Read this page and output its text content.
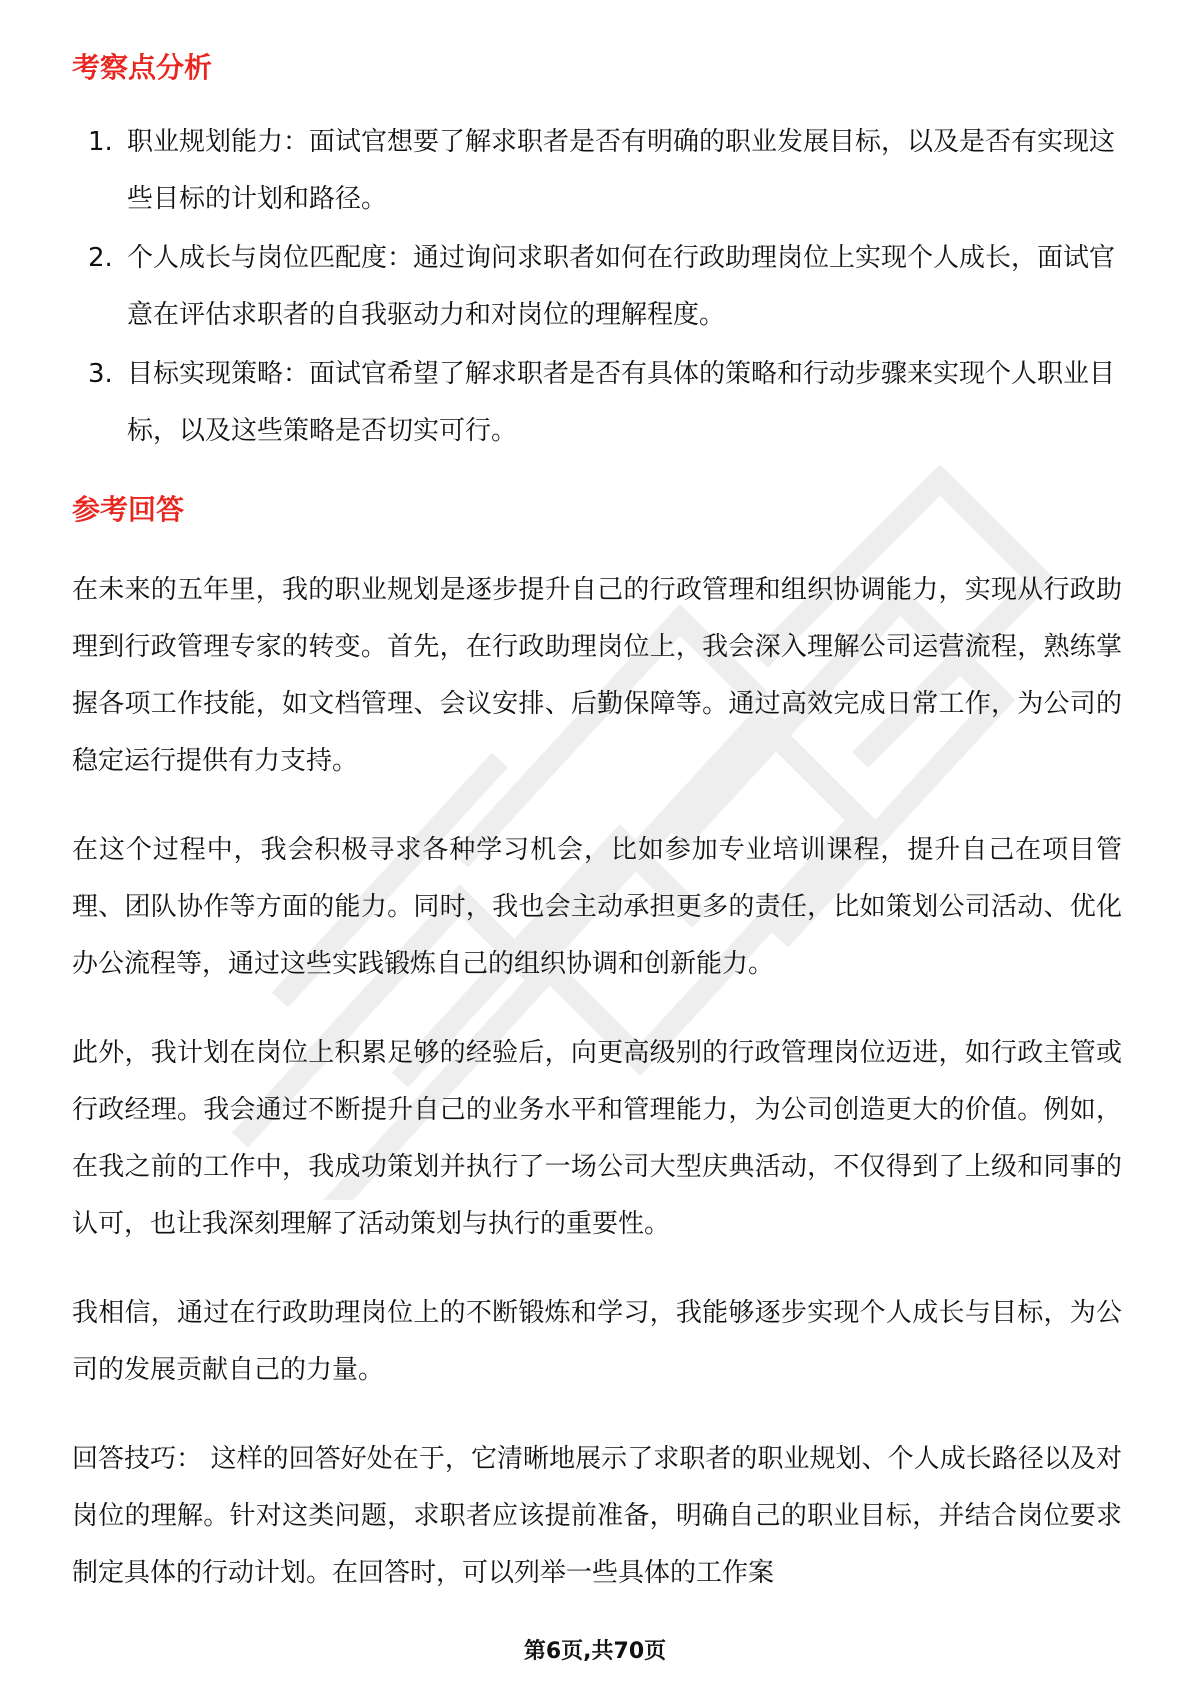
考察点分析
1. 职业规划能力：面试官想要了解求职者是否有明确的职业发展目标，以及是否有实现这些目标的计划和路径。
2. 个人成长与岗位匹配度：通过询问求职者如何在行政助理岗位上实现个人成长，面试官意在评估求职者的自我驱动力和对岗位的理解程度。
3. 目标实现策略：面试官希望了解求职者是否有具体的策略和行动步骤来实现个人职业目标，以及这些策略是否切实可行。
参考回答

在未来的五年里，我的职业规划是逐步提升自己的行政管理和组织协调能力，实现从行政助理到行政管理专家的转变。首先，在行政助理岗位上，我会深入理解公司运营流程，熟练掌握各项工作技能，如文档管理、会议安排、后勤保障等。通过高效完成日常工作，为公司的稳定运行提供有力支持。

在这个过程中，我会积极寻求各种学习机会，比如参加专业培训课程，提升自己在项目管理、团队协作等方面的能力。同时，我也会主动承担更多的责任，比如策划公司活动、优化办公流程等，通过这些实践锻炼自己的组织协调和创新能力。

此外，我计划在岗位上积累足够的经验后，向更高级别的行政管理岗位迈进，如行政主管或行政经理。我会通过不断提升自己的业务水平和管理能力，为公司创造更大的价值。例如，在我之前的工作中，我成功策划并执行了一场公司大型庆典活动，不仅得到了上级和同事的认可，也让我深刻理解了活动策划与执行的重要性。

我相信，通过在行政助理岗位上的不断锻炼和学习，我能够逐步实现个人成长与目标，为公司的发展贡献自己的力量。

回答技巧： 这样的回答好处在于，它清晰地展示了求职者的职业规划、个人成长路径以及对岗位的理解。针对这类问题，求职者应该提前准备，明确自己的职业目标，并结合岗位要求制定具体的行动计划。在回答时，可以列举一些具体的工作案

第6页,共70页
